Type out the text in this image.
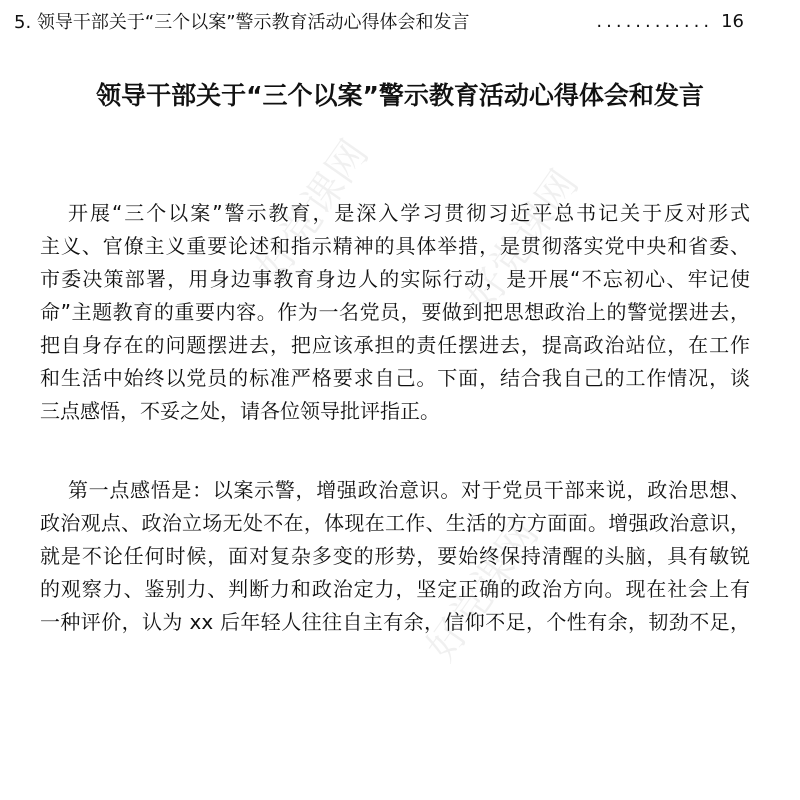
好党课网 好党课网
好党课网
5. 领导干部关于“三个以案”警示教育活动心得体会和发言	............ 16
领导干部关于“三个以案”警示教育活动心得体会和发言
开展“三个以案”警示教育，是深入学习贯彻习近平总书记关于反对形式
主义、官僚主义重要论述和指示精神的具体举措，是贯彻落实党中央和省委、
市委决策部署，用身边事教育身边人的实际行动，是开展“不忘初心、牢记使
命”主题教育的重要内容。作为一名党员，要做到把思想政治上的警觉摆进去，
把自身存在的问题摆进去，把应该承担的责任摆进去，提高政治站位，在工作
和生活中始终以党员的标准严格要求自己。下面，结合我自己的工作情况，谈
三点感悟，不妥之处，请各位领导批评指正。
第一点感悟是：以案示警，增强政治意识。对于党员干部来说，政治思想、
政治观点、政治立场无处不在，体现在工作、生活的方方面面。增强政治意识，
就是不论任何时候，面对复杂多变的形势，要始终保持清醒的头脑，具有敏锐
的观察力、鉴别力、判断力和政治定力，坚定正确的政治方向。现在社会上有
一种评价，认为 xx 后年轻人往往自主有余，信仰不足，个性有余，韧劲不足，
